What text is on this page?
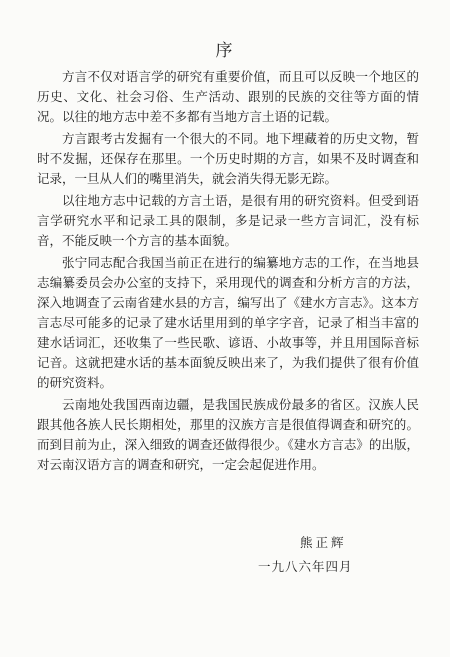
序

方言不仅对语言学的研究有重要价值，而且可以反映一个地区的历史、文化、社会习俗、生产活动、跟别的民族的交往等方面的情况。以往的地方志中差不多都有当地方言土语的记载。

方言跟考古发掘有一个很大的不同。地下埋藏着的历史文物，暂时不发掘，还保存在那里。一个历史时期的方言，如果不及时调查和记录，一旦从人们的嘴里消失，就会消失得无影无踪。

以往地方志中记载的方言土语，是很有用的研究资料。但受到语言学研究水平和记录工具的限制，多是记录一些方言词汇，没有标音，不能反映一个方言的基本面貌。

张宁同志配合我国当前正在进行的编纂地方志的工作，在当地县志编纂委员会办公室的支持下，采用现代的调查和分析方言的方法，深入地调查了云南省建水县的方言，编写出了《建水方言志》。这本方言志尽可能多的记录了建水话里用到的单字字音，记录了相当丰富的建水话词汇，还收集了一些民歌、谚语、小故事等，并且用国际音标记音。这就把建水话的基本面貌反映出来了，为我们提供了很有价值的研究资料。

云南地处我国西南边疆，是我国民族成份最多的省区。汉族人民跟其他各族人民长期相处，那里的汉族方言是很值得调查和研究的。而到目前为止，深入细致的调查还做得很少。《建水方言志》的出版，对云南汉语方言的调查和研究，一定会起促进作用。

熊正辉
一九八六年四月
